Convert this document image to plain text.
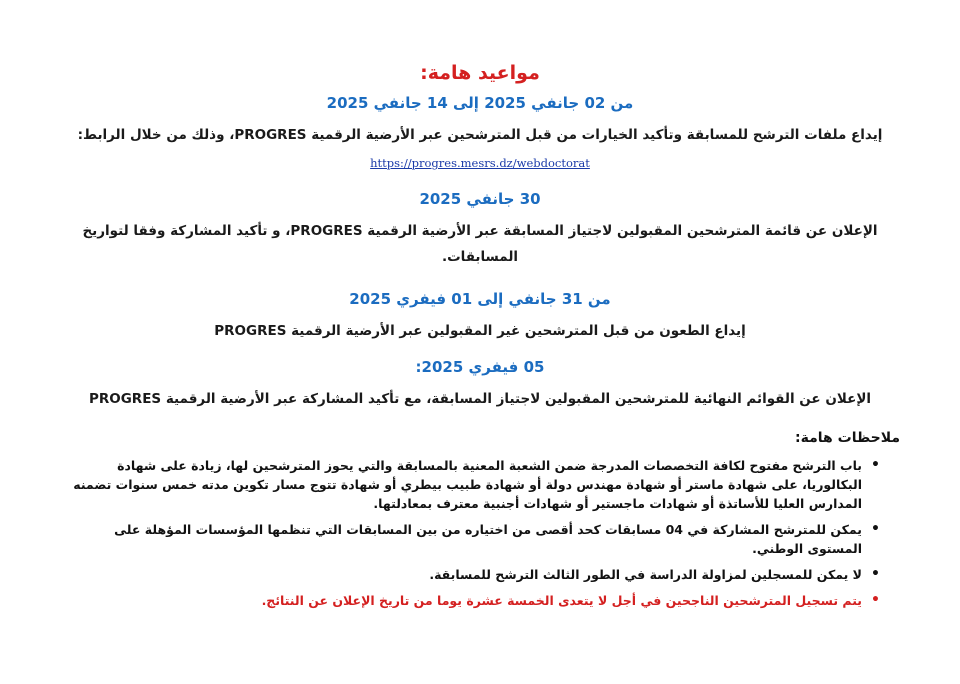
مواعيد هامة:
من 02 جانفي 2025 إلى 14 جانفي 2025
إيداع ملفات الترشح للمسابقة وتأكيد الخيارات من قبل المترشحين عبر الأرضية الرقمية PROGRES، وذلك من خلال الرابط:
https://progres.mesrs.dz/webdoctorat
30 جانفي 2025
الإعلان عن قائمة المترشحين المقبولين لاجتياز المسابقة عبر الأرضية الرقمية PROGRES، و تأكيد المشاركة وفقا لتواريخ
المسابقات.
من 31 جانفي إلى 01 فيفري 2025
إيداع الطعون من قبل المترشحين غير المقبولين عبر الأرضية الرقمية PROGRES
05 فيفري 2025:
الإعلان عن القوائم النهائية للمترشحين المقبولين لاجتياز المسابقة، مع تأكيد المشاركة عبر الأرضية الرقمية PROGRES
ملاحظات هامة:
• باب الترشح مفتوح لكافة التخصصات المدرجة ضمن الشعبة المعنية بالمسابقة والتي يحوز المترشحين لها، زيادة على شهادة البكالوريا، على شهادة ماستر أو شهادة مهندس دولة أو شهادة طبيب بيطري أو شهادة تتوج مسار تكوين مدته خمس سنوات تضمنه المدارس العليا للأساتذة أو شهادات ماجستير أو شهادات أجنبية معترف بمعادلتها.
• يمكن للمترشح المشاركة في 04 مسابقات كحد أقصى من اختياره من بين المسابقات التي تنظمها المؤسسات المؤهلة على المستوى الوطني.
• لا يمكن للمسجلين لمزاولة الدراسة في الطور الثالث الترشح للمسابقة.
• يتم تسجيل المترشحين الناجحين في أجل لا يتعدى الخمسة عشرة يوما من تاريخ الإعلان عن النتائج.
